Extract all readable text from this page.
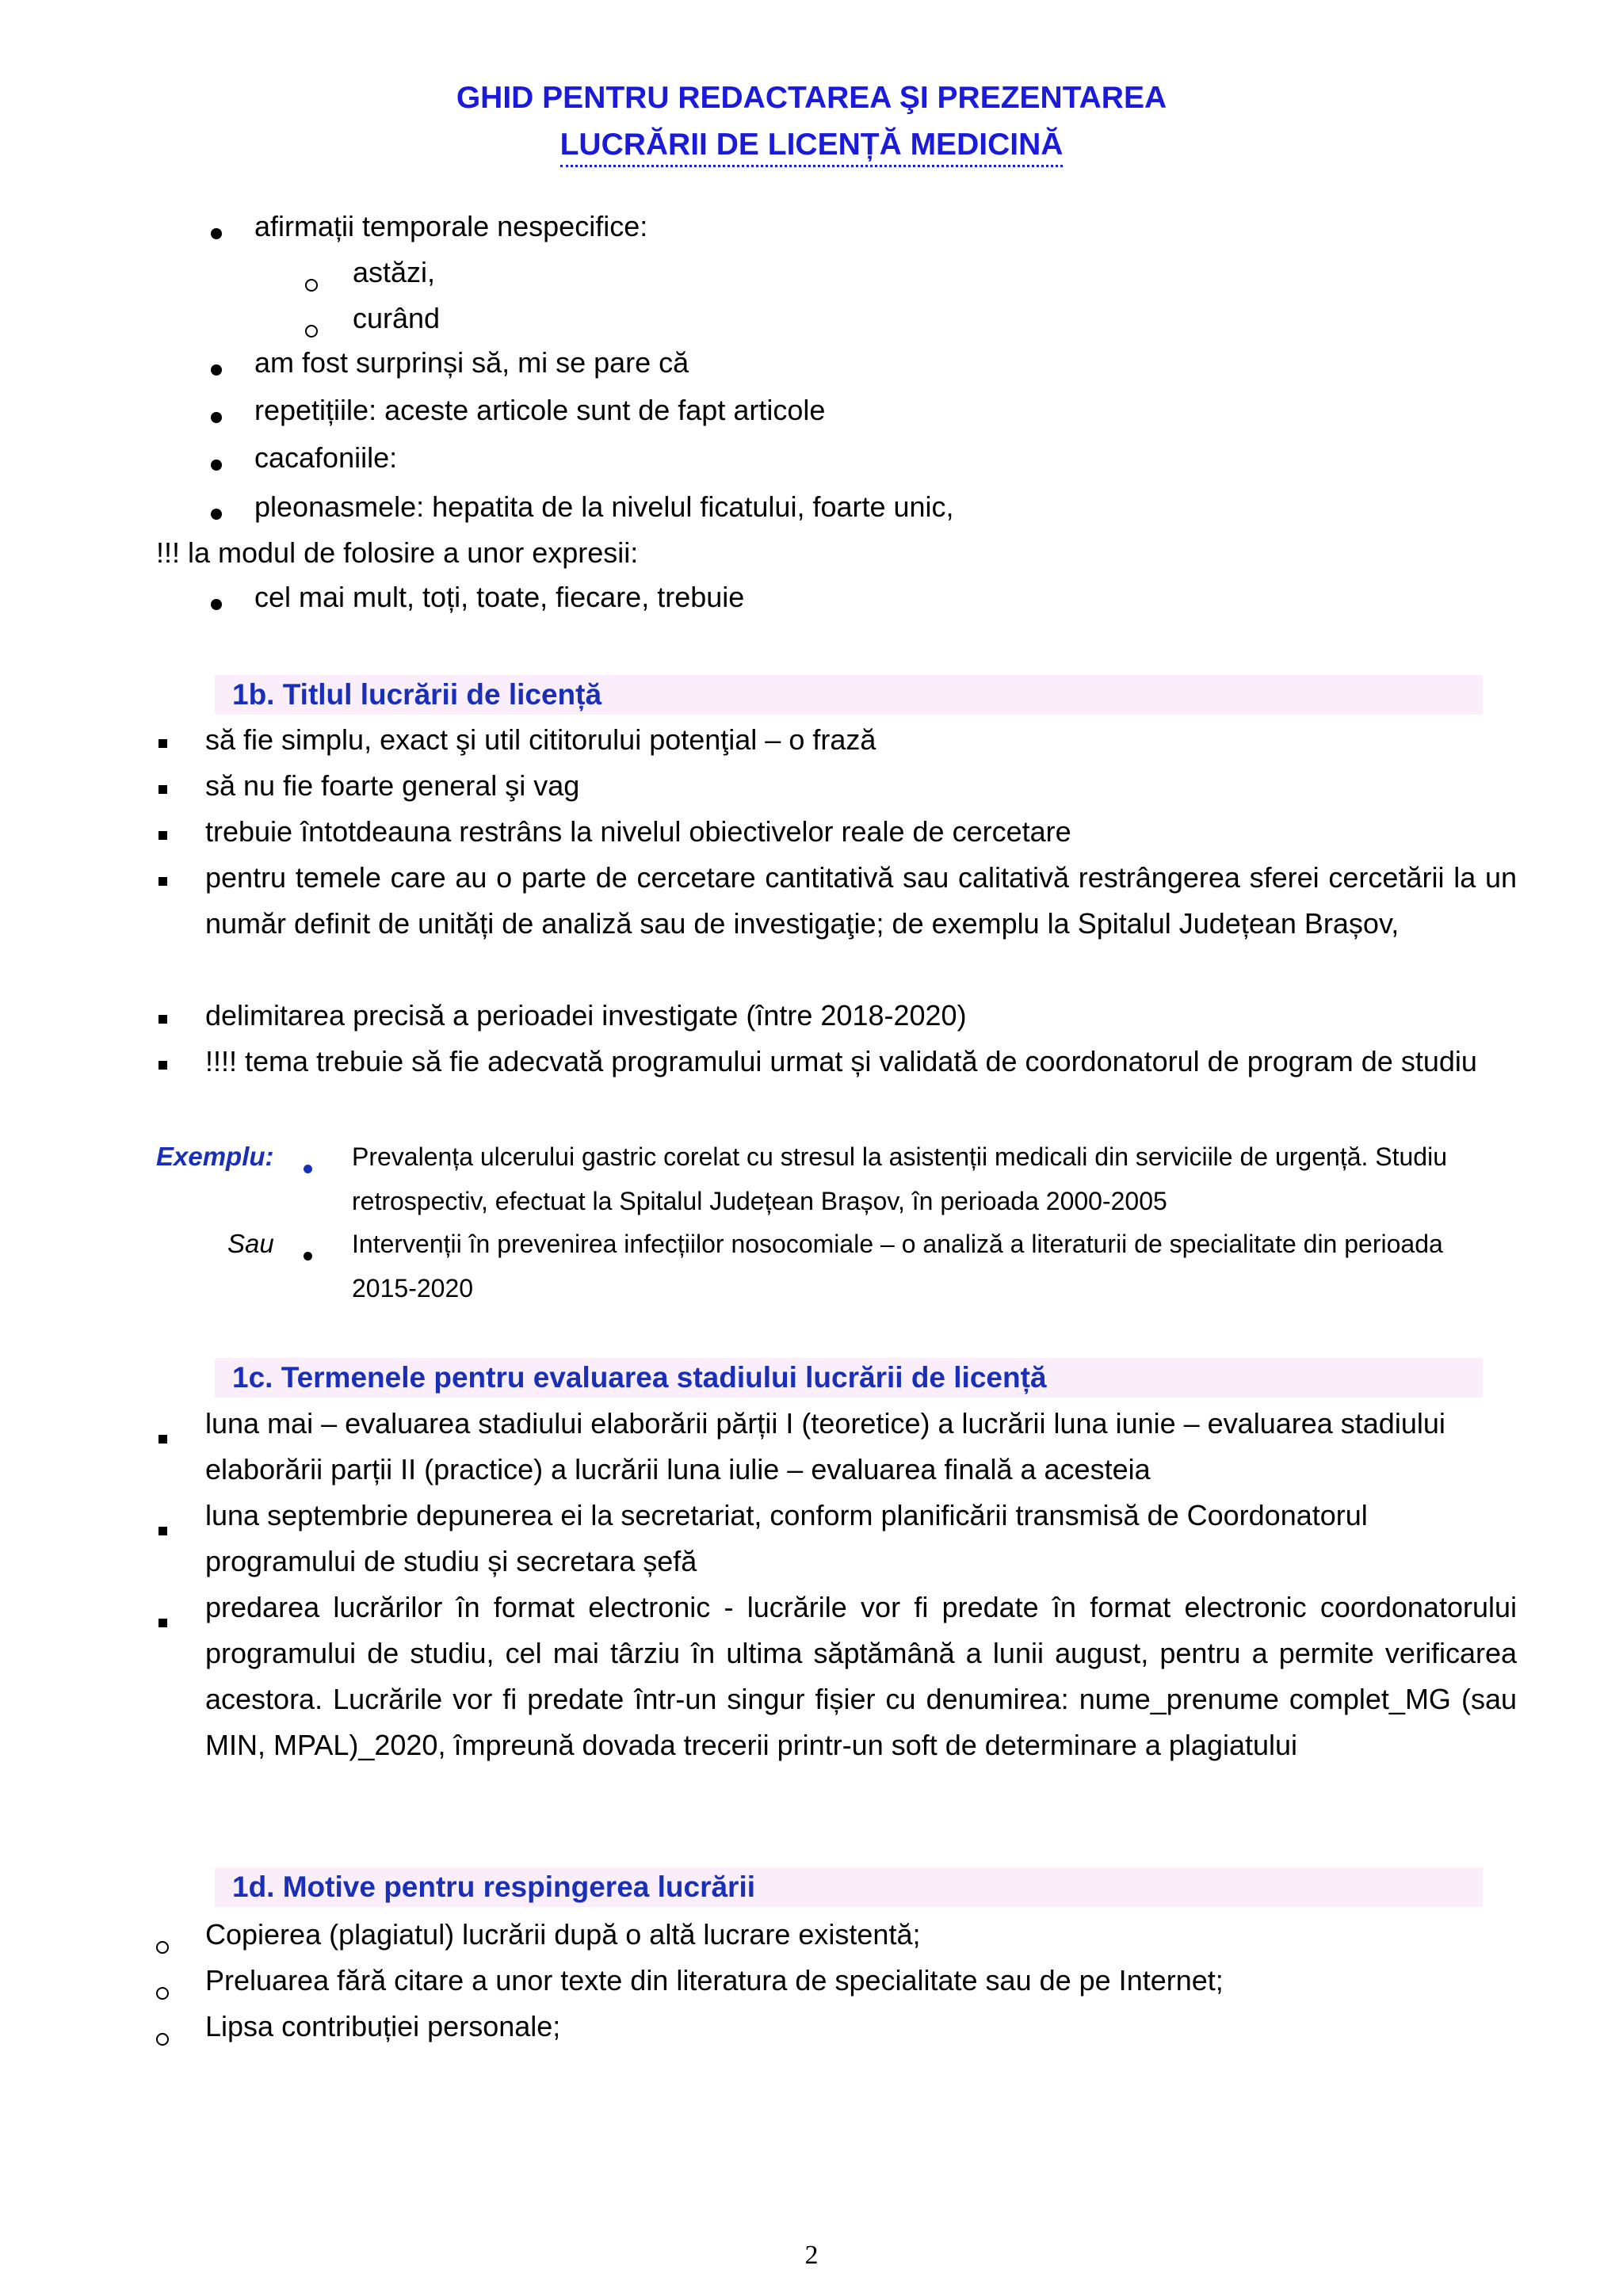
GHID PENTRU REDACTAREA ŞI PREZENTAREA
LUCRĂRII DE LICENȚĂ MEDICINĂ
afirmații temporale nespecifice:
astăzi,
curând
am fost surprinși să, mi se pare că
repetițiile: aceste articole sunt de fapt articole
cacafoniile:
pleonasmele: hepatita de la nivelul ficatului, foarte unic,
!!! la modul de folosire a unor expresii:
cel mai mult, toți, toate, fiecare, trebuie
1b. Titlul lucrării de licență
să fie simplu, exact şi util cititorului potenţial – o frază
să nu fie foarte general şi vag
trebuie întotdeauna restrâns la nivelul obiectivelor reale de cercetare
pentru temele care au o parte de cercetare cantitativă sau calitativă restrângerea sferei cercetării la un număr definit de unități de analiză sau de investigaţie; de exemplu la Spitalul Județean Brașov,
delimitarea precisă a perioadei investigate (între 2018-2020)
!!!! tema trebuie să fie adecvată programului urmat și validată de coordonatorul de program de studiu
Exemplu:	Prevalența ulcerului gastric corelat cu stresul la asistenții medicali din serviciile de urgență. Studiu retrospectiv, efectuat la Spitalul Județean Brașov, în perioada 2000-2005
Sau	Intervenții în prevenirea infecțiilor nosocomiale – o analiză a literaturii de specialitate din perioada 2015-2020
1c. Termenele pentru evaluarea stadiului lucrării de licență
luna mai – evaluarea stadiului elaborării părții I (teoretice) a lucrării luna iunie – evaluarea stadiului elaborării parții II (practice) a lucrării luna iulie – evaluarea finală a acesteia
luna septembrie depunerea ei la secretariat, conform planificării transmisă de Coordonatorul programului de studiu și secretara șefă
predarea lucrărilor în format electronic - lucrările vor fi predate în format electronic coordonatorului programului de studiu, cel mai târziu în ultima săptămână a lunii august, pentru a permite verificarea acestora. Lucrările vor fi predate într-un singur fișier cu denumirea: nume_prenume complet_MG (sau MIN, MPAL)_2020, împreună dovada trecerii printr-un soft de determinare a plagiatului
1d. Motive pentru respingerea lucrării
Copierea (plagiatul) lucrării după o altă lucrare existentă;
Preluarea fără citare a unor texte din literatura de specialitate sau de pe Internet;
Lipsa contribuției personale;
2
